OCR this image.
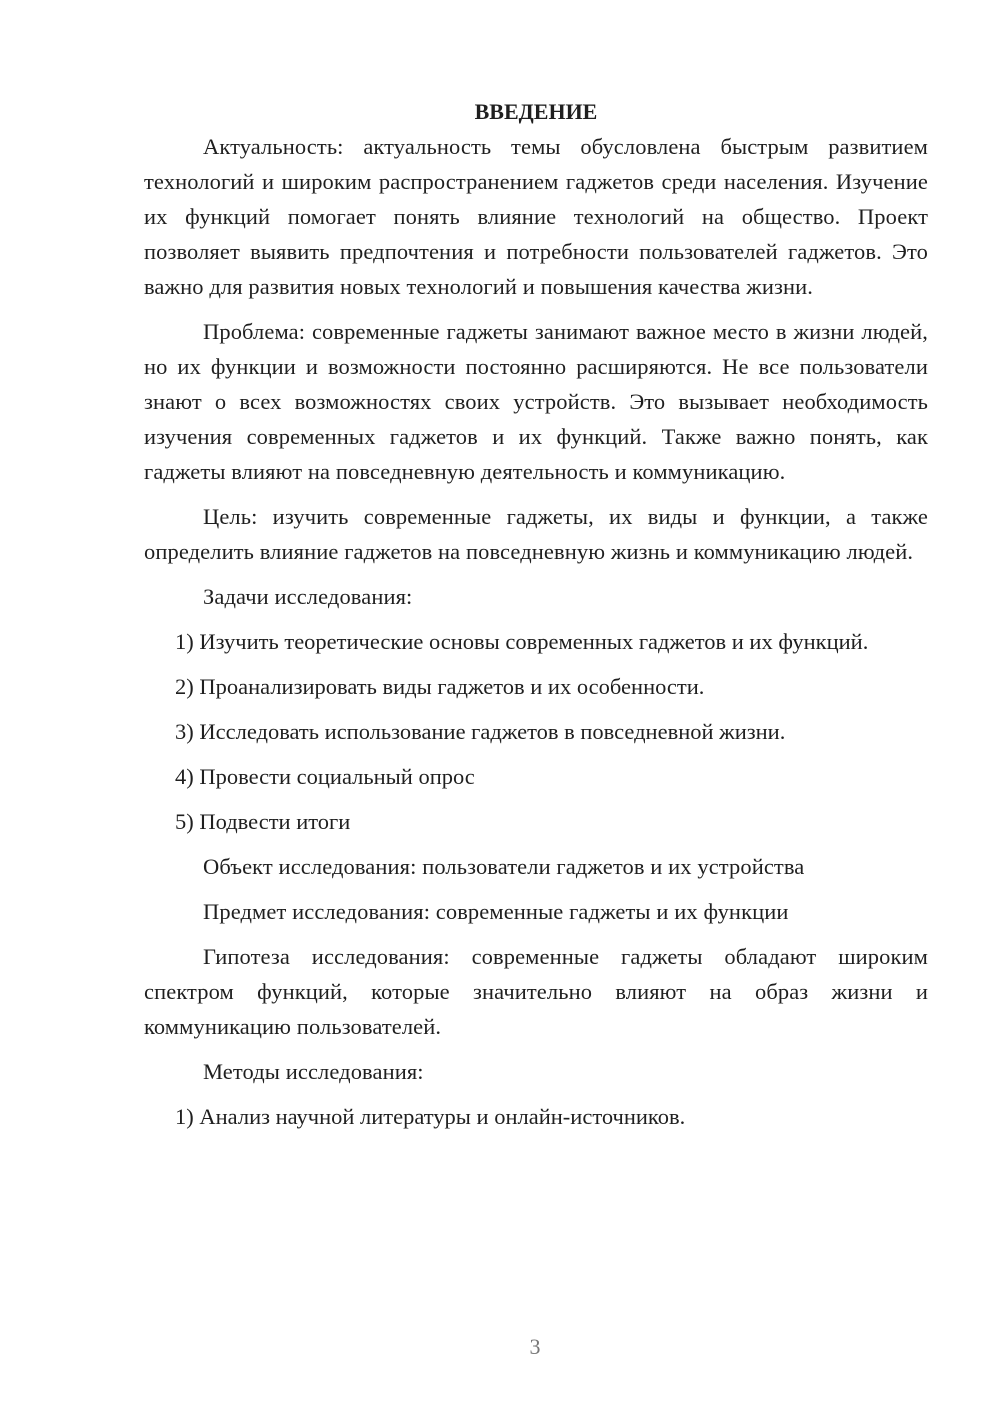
ВВЕДЕНИЕ

Актуальность: актуальность темы обусловлена быстрым развитием технологий и широким распространением гаджетов среди населения. Изучение их функций помогает понять влияние технологий на общество. Проект позволяет выявить предпочтения и потребности пользователей гаджетов. Это важно для развития новых технологий и повышения качества жизни.

Проблема: современные гаджеты занимают важное место в жизни людей, но их функции и возможности постоянно расширяются. Не все пользователи знают о всех возможностях своих устройств. Это вызывает необходимость изучения современных гаджетов и их функций. Также важно понять, как гаджеты влияют на повседневную деятельность и коммуникацию.

Цель: изучить современные гаджеты, их виды и функции, а также определить влияние гаджетов на повседневную жизнь и коммуникацию людей.

Задачи исследования:

1) Изучить теоретические основы современных гаджетов и их функций.

2) Проанализировать виды гаджетов и их особенности.

3) Исследовать использование гаджетов в повседневной жизни.

4) Провести социальный опрос

5) Подвести итоги

Объект исследования: пользователи гаджетов и их устройства

Предмет исследования: современные гаджеты и их функции

Гипотеза исследования: современные гаджеты обладают широким спектром функций, которые значительно влияют на образ жизни и коммуникацию пользователей.

Методы исследования:

1) Анализ научной литературы и онлайн-источников.

3
